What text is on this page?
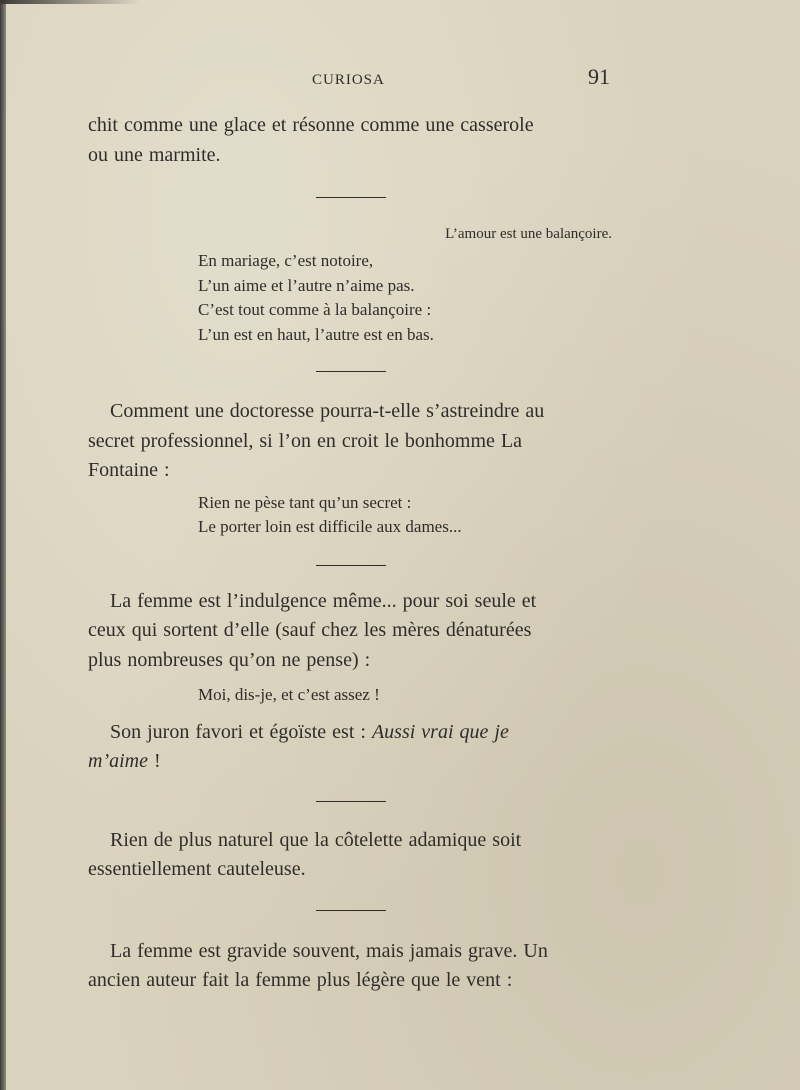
CURIOSA	91

chit comme une glace et résonne comme une casserole
ou une marmite.

L’amour est une balançoire.
En mariage, c’est notoire,
L’un aime et l’autre n’aime pas.
C’est tout comme à la balançoire :
L’un est en haut, l’autre est en bas.

Comment une doctoresse pourra-t-elle s’astreindre au
secret professionnel, si l’on en croit le bonhomme La
Fontaine :

Rien ne pèse tant qu’un secret :
Le porter loin est difficile aux dames...

La femme est l’indulgence même... pour soi seule et
ceux qui sortent d’elle (sauf chez les mères dénaturées
plus nombreuses qu’on ne pense) :

Moi, dis-je, et c’est assez !

Son juron favori et égoïste est : Aussi vrai que je
m’aime !

Rien de plus naturel que la côtelette adamique soit
essentiellement cauteleuse.

La femme est gravide souvent, mais jamais grave. Un
ancien auteur fait la femme plus légère que le vent :
